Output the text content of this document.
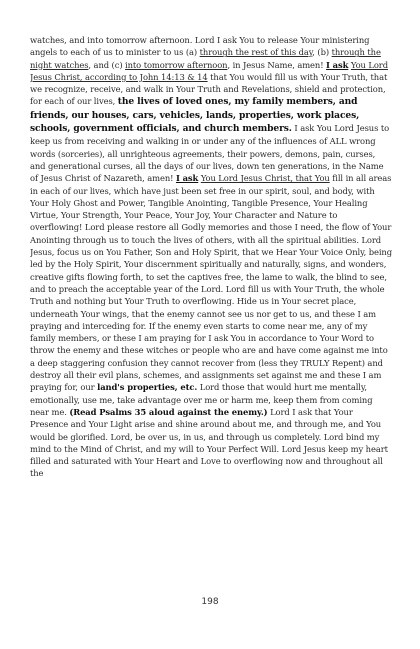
watches, and into tomorrow afternoon. Lord I ask You to release Your ministering angels to each of us to minister to us (a) through the rest of this day, (b) through the night watches, and (c) into tomorrow afternoon, in Jesus Name, amen! I ask You Lord Jesus Christ, according to John 14:13 & 14 that You would fill us with Your Truth, that we recognize, receive, and walk in Your Truth and Revelations, shield and protection, for each of our lives, the lives of loved ones, my family members, and friends, our houses, cars, vehicles, lands, properties, work places, schools, government officials, and church members. I ask You Lord Jesus to keep us from receiving and walking in or under any of the influences of ALL wrong words (sorceries), all unrighteous agreements, their powers, demons, pain, curses, and generational curses, all the days of our lives, down ten generations, in the Name of Jesus Christ of Nazareth, amen! I ask You Lord Jesus Christ, that You fill in all areas in each of our lives, which have just been set free in our spirit, soul, and body, with Your Holy Ghost and Power, Tangible Anointing, Tangible Presence, Your Healing Virtue, Your Strength, Your Peace, Your Joy, Your Character and Nature to overflowing! Lord please restore all Godly memories and those I need, the flow of Your Anointing through us to touch the lives of others, with all the spiritual abilities. Lord Jesus, focus us on You Father, Son and Holy Spirit, that we Hear Your Voice Only, being led by the Holy Spirit, Your discernment spiritually and naturally, signs, and wonders, creative gifts flowing forth, to set the captives free, the lame to walk, the blind to see, and to preach the acceptable year of the Lord. Lord fill us with Your Truth, the whole Truth and nothing but Your Truth to overflowing. Hide us in Your secret place, underneath Your wings, that the enemy cannot see us nor get to us, and these I am praying and interceding for. If the enemy even starts to come near me, any of my family members, or these I am praying for I ask You in accordance to Your Word to throw the enemy and these witches or people who are and have come against me into a deep staggering confusion they cannot recover from (less they TRULY Repent) and destroy all their evil plans, schemes, and assignments set against me and these I am praying for, our land's properties, etc. Lord those that would hurt me mentally, emotionally, use me, take advantage over me or harm me, keep them from coming near me. (Read Psalms 35 aloud against the enemy.) Lord I ask that Your Presence and Your Light arise and shine around about me, and through me, and You would be glorified. Lord, be over us, in us, and through us completely. Lord bind my mind to the Mind of Christ, and my will to Your Perfect Will. Lord Jesus keep my heart filled and saturated with Your Heart and Love to overflowing now and throughout all the

198
